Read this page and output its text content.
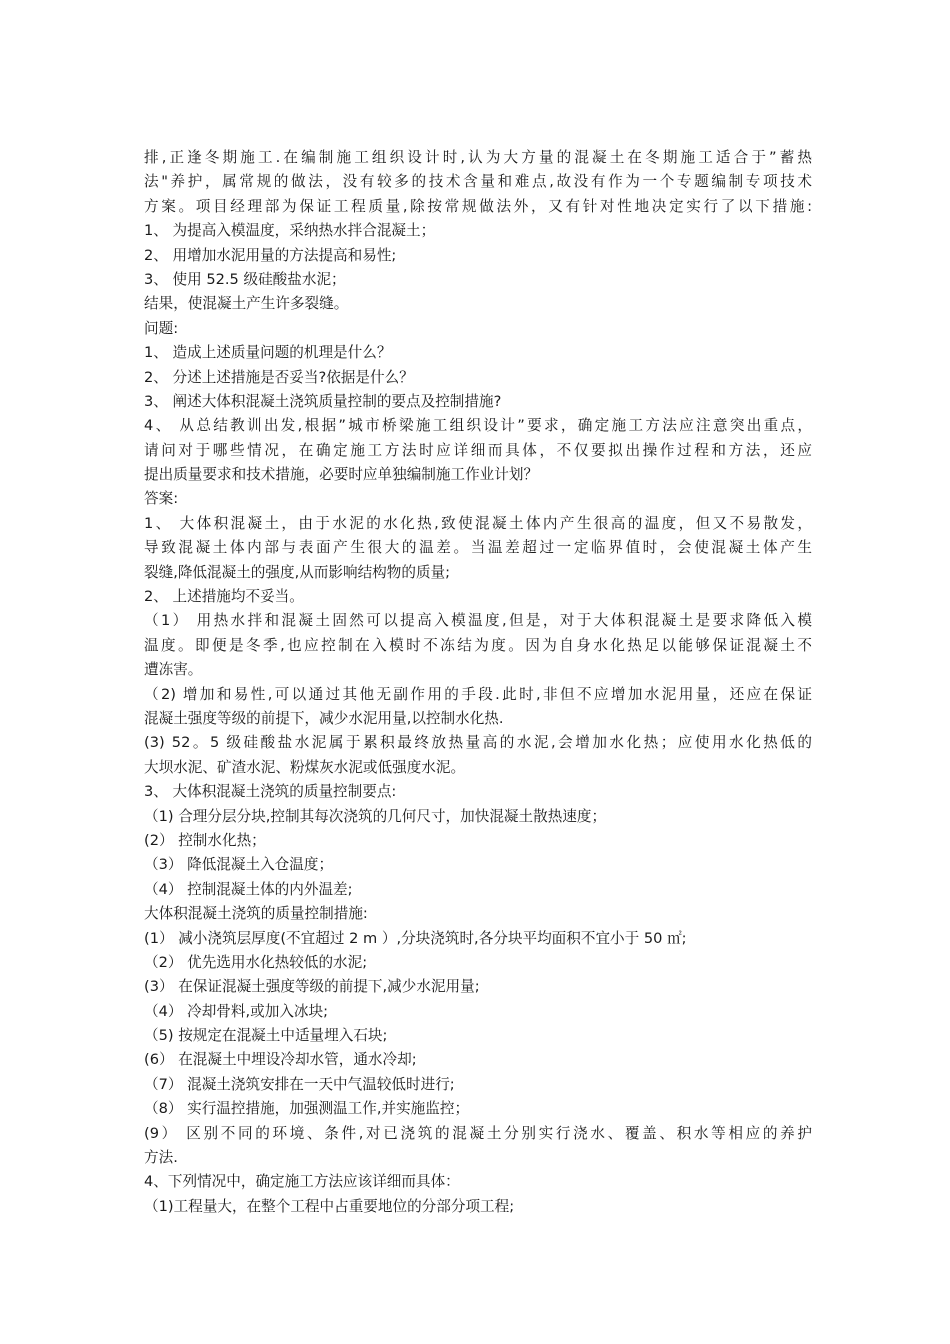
排,正逢冬期施工.在编制施工组织设计时,认为大方量的混凝土在冬期施工适合于”蓄热
法"养护，属常规的做法，没有较多的技术含量和难点,故没有作为一个专题编制专项技术
方案。项目经理部为保证工程质量,除按常规做法外，又有针对性地决定实行了以下措施:
1、 为提高入模温度，采纳热水拌合混凝土；
2、 用增加水泥用量的方法提高和易性;
3、 使用 52.5 级硅酸盐水泥；
结果，使混凝土产生许多裂缝。
问题:
1、 造成上述质量问题的机理是什么？
2、 分述上述措施是否妥当?依据是什么？
3、 阐述大体积混凝土浇筑质量控制的要点及控制措施?
4、 从总结教训出发,根据”城市桥梁施工组织设计”要求，确定施工方法应注意突出重点，
请问对于哪些情况，在确定施工方法时应详细而具体，不仅要拟出操作过程和方法，还应
提出质量要求和技术措施，必要时应单独编制施工作业计划？
答案:
1、 大体积混凝土，由于水泥的水化热,致使混凝土体内产生很高的温度，但又不易散发，
导致混凝土体内部与表面产生很大的温差。当温差超过一定临界值时，会使混凝土体产生
裂缝,降低混凝土的强度,从而影响结构物的质量;
2、 上述措施均不妥当。
（1） 用热水拌和混凝土固然可以提高入模温度,但是，对于大体积混凝土是要求降低入模
温度。即便是冬季,也应控制在入模时不冻结为度。因为自身水化热足以能够保证混凝土不
遭冻害。
（2) 增加和易性,可以通过其他无副作用的手段.此时,非但不应增加水泥用量，还应在保证
混凝土强度等级的前提下，减少水泥用量,以控制水化热.
(3) 52。5 级硅酸盐水泥属于累积最终放热量高的水泥,会增加水化热；应使用水化热低的
大坝水泥、矿渣水泥、粉煤灰水泥或低强度水泥。
3、 大体积混凝土浇筑的质量控制要点:
（1) 合理分层分块,控制其每次浇筑的几何尺寸，加快混凝土散热速度；
(2） 控制水化热；
（3） 降低混凝土入仓温度；
（4） 控制混凝土体的内外温差;
大体积混凝土浇筑的质量控制措施:
(1） 减小浇筑层厚度(不宜超过 2 m ）,分块浇筑时,各分块平均面积不宜小于 50 ㎡;
（2） 优先选用水化热较低的水泥;
(3） 在保证混凝土强度等级的前提下,减少水泥用量;
（4） 冷却骨料,或加入冰块;
（5) 按规定在混凝土中适量埋入石块;
(6） 在混凝土中埋设冷却水管，通水冷却;
（7） 混凝土浇筑安排在一天中气温较低时进行;
（8） 实行温控措施，加强测温工作,并实施监控；
(9） 区别不同的环境、条件,对已浇筑的混凝土分别实行浇水、覆盖、积水等相应的养护
方法.
4、下列情况中，确定施工方法应该详细而具体：
（1)工程量大，在整个工程中占重要地位的分部分项工程;
